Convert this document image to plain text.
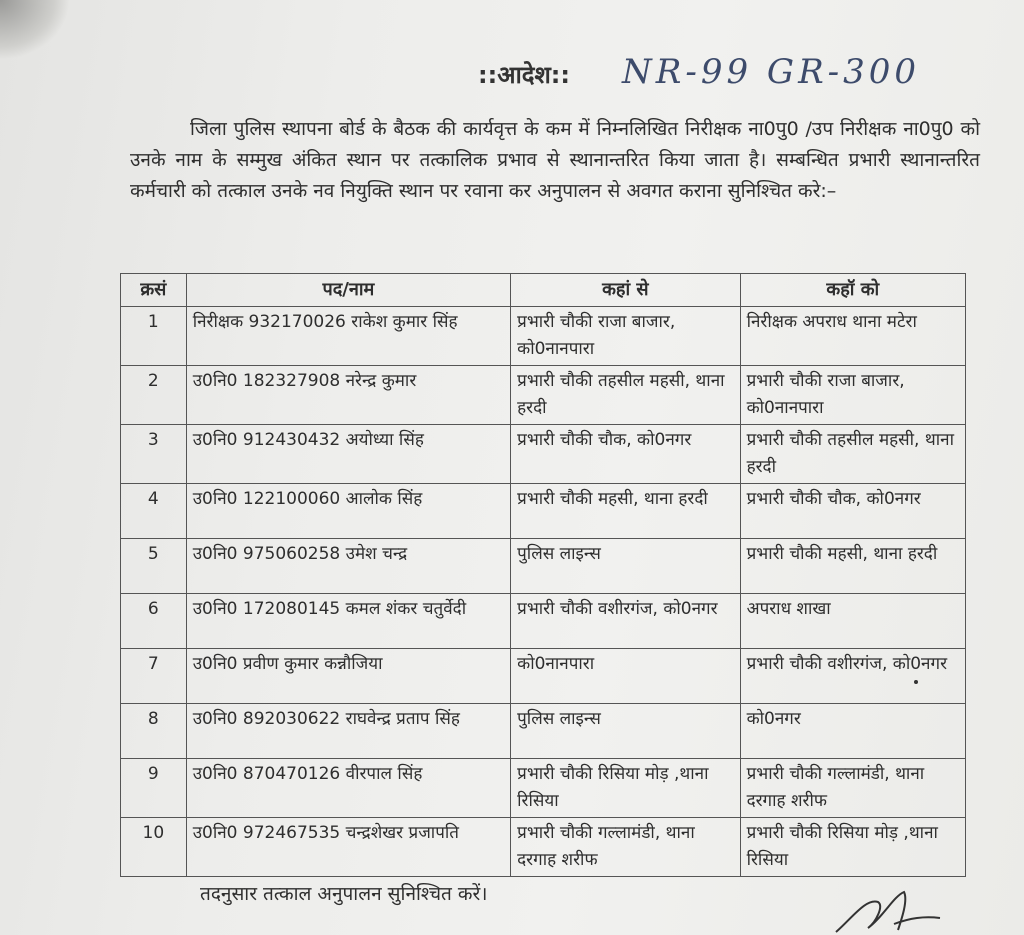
::आदेश:: NR-99 GR-300
जिला पुलिस स्थापना बोर्ड के बैठक की कार्यवृत्त के कम में निम्नलिखित निरीक्षक ना0पु0 /उप निरीक्षक ना0पु0 को उनके नाम के सम्मुख अंकित स्थान पर तत्कालिक प्रभाव से स्थानान्तरित किया जाता है। सम्बन्धित प्रभारी स्थानान्तरित कर्मचारी को तत्काल उनके नव नियुक्ति स्थान पर रवाना कर अनुपालन से अवगत कराना सुनिश्चित करे:–
क्रसं	पद/नाम	कहां से	कहॉ को
1	निरीक्षक 932170026 राकेश कुमार सिंह	प्रभारी चौकी राजा बाजार, को0नानपारा	निरीक्षक अपराध थाना मटेरा
2	उ0नि0 182327908 नरेन्द्र कुमार	प्रभारी चौकी तहसील महसी, थाना हरदी	प्रभारी चौकी राजा बाजार, को0नानपारा
3	उ0नि0 912430432 अयोध्या सिंह	प्रभारी चौकी चौक, को0नगर	प्रभारी चौकी तहसील महसी, थाना हरदी
4	उ0नि0 122100060 आलोक सिंह	प्रभारी चौकी महसी, थाना हरदी	प्रभारी चौकी चौक, को0नगर
5	उ0नि0 975060258 उमेश चन्द्र	पुलिस लाइन्स	प्रभारी चौकी महसी, थाना हरदी
6	उ0नि0 172080145 कमल शंकर चतुर्वेदी	प्रभारी चौकी वशीरगंज, को0नगर	अपराध शाखा
7	उ0नि0 प्रवीण कुमार कन्नौजिया	को0नानपारा	प्रभारी चौकी वशीरगंज, को0नगर
8	उ0नि0 892030622 राघवेन्द्र प्रताप सिंह	पुलिस लाइन्स	को0नगर
9	उ0नि0 870470126 वीरपाल सिंह	प्रभारी चौकी रिसिया मोड़ ,थाना रिसिया	प्रभारी चौकी गल्लामंडी, थाना दरगाह शरीफ
10	उ0नि0 972467535 चन्द्रशेखर प्रजापति	प्रभारी चौकी गल्लामंडी, थाना दरगाह शरीफ	प्रभारी चौकी रिसिया मोड़ ,थाना रिसिया
तदनुसार तत्काल अनुपालन सुनिश्चित करें।
